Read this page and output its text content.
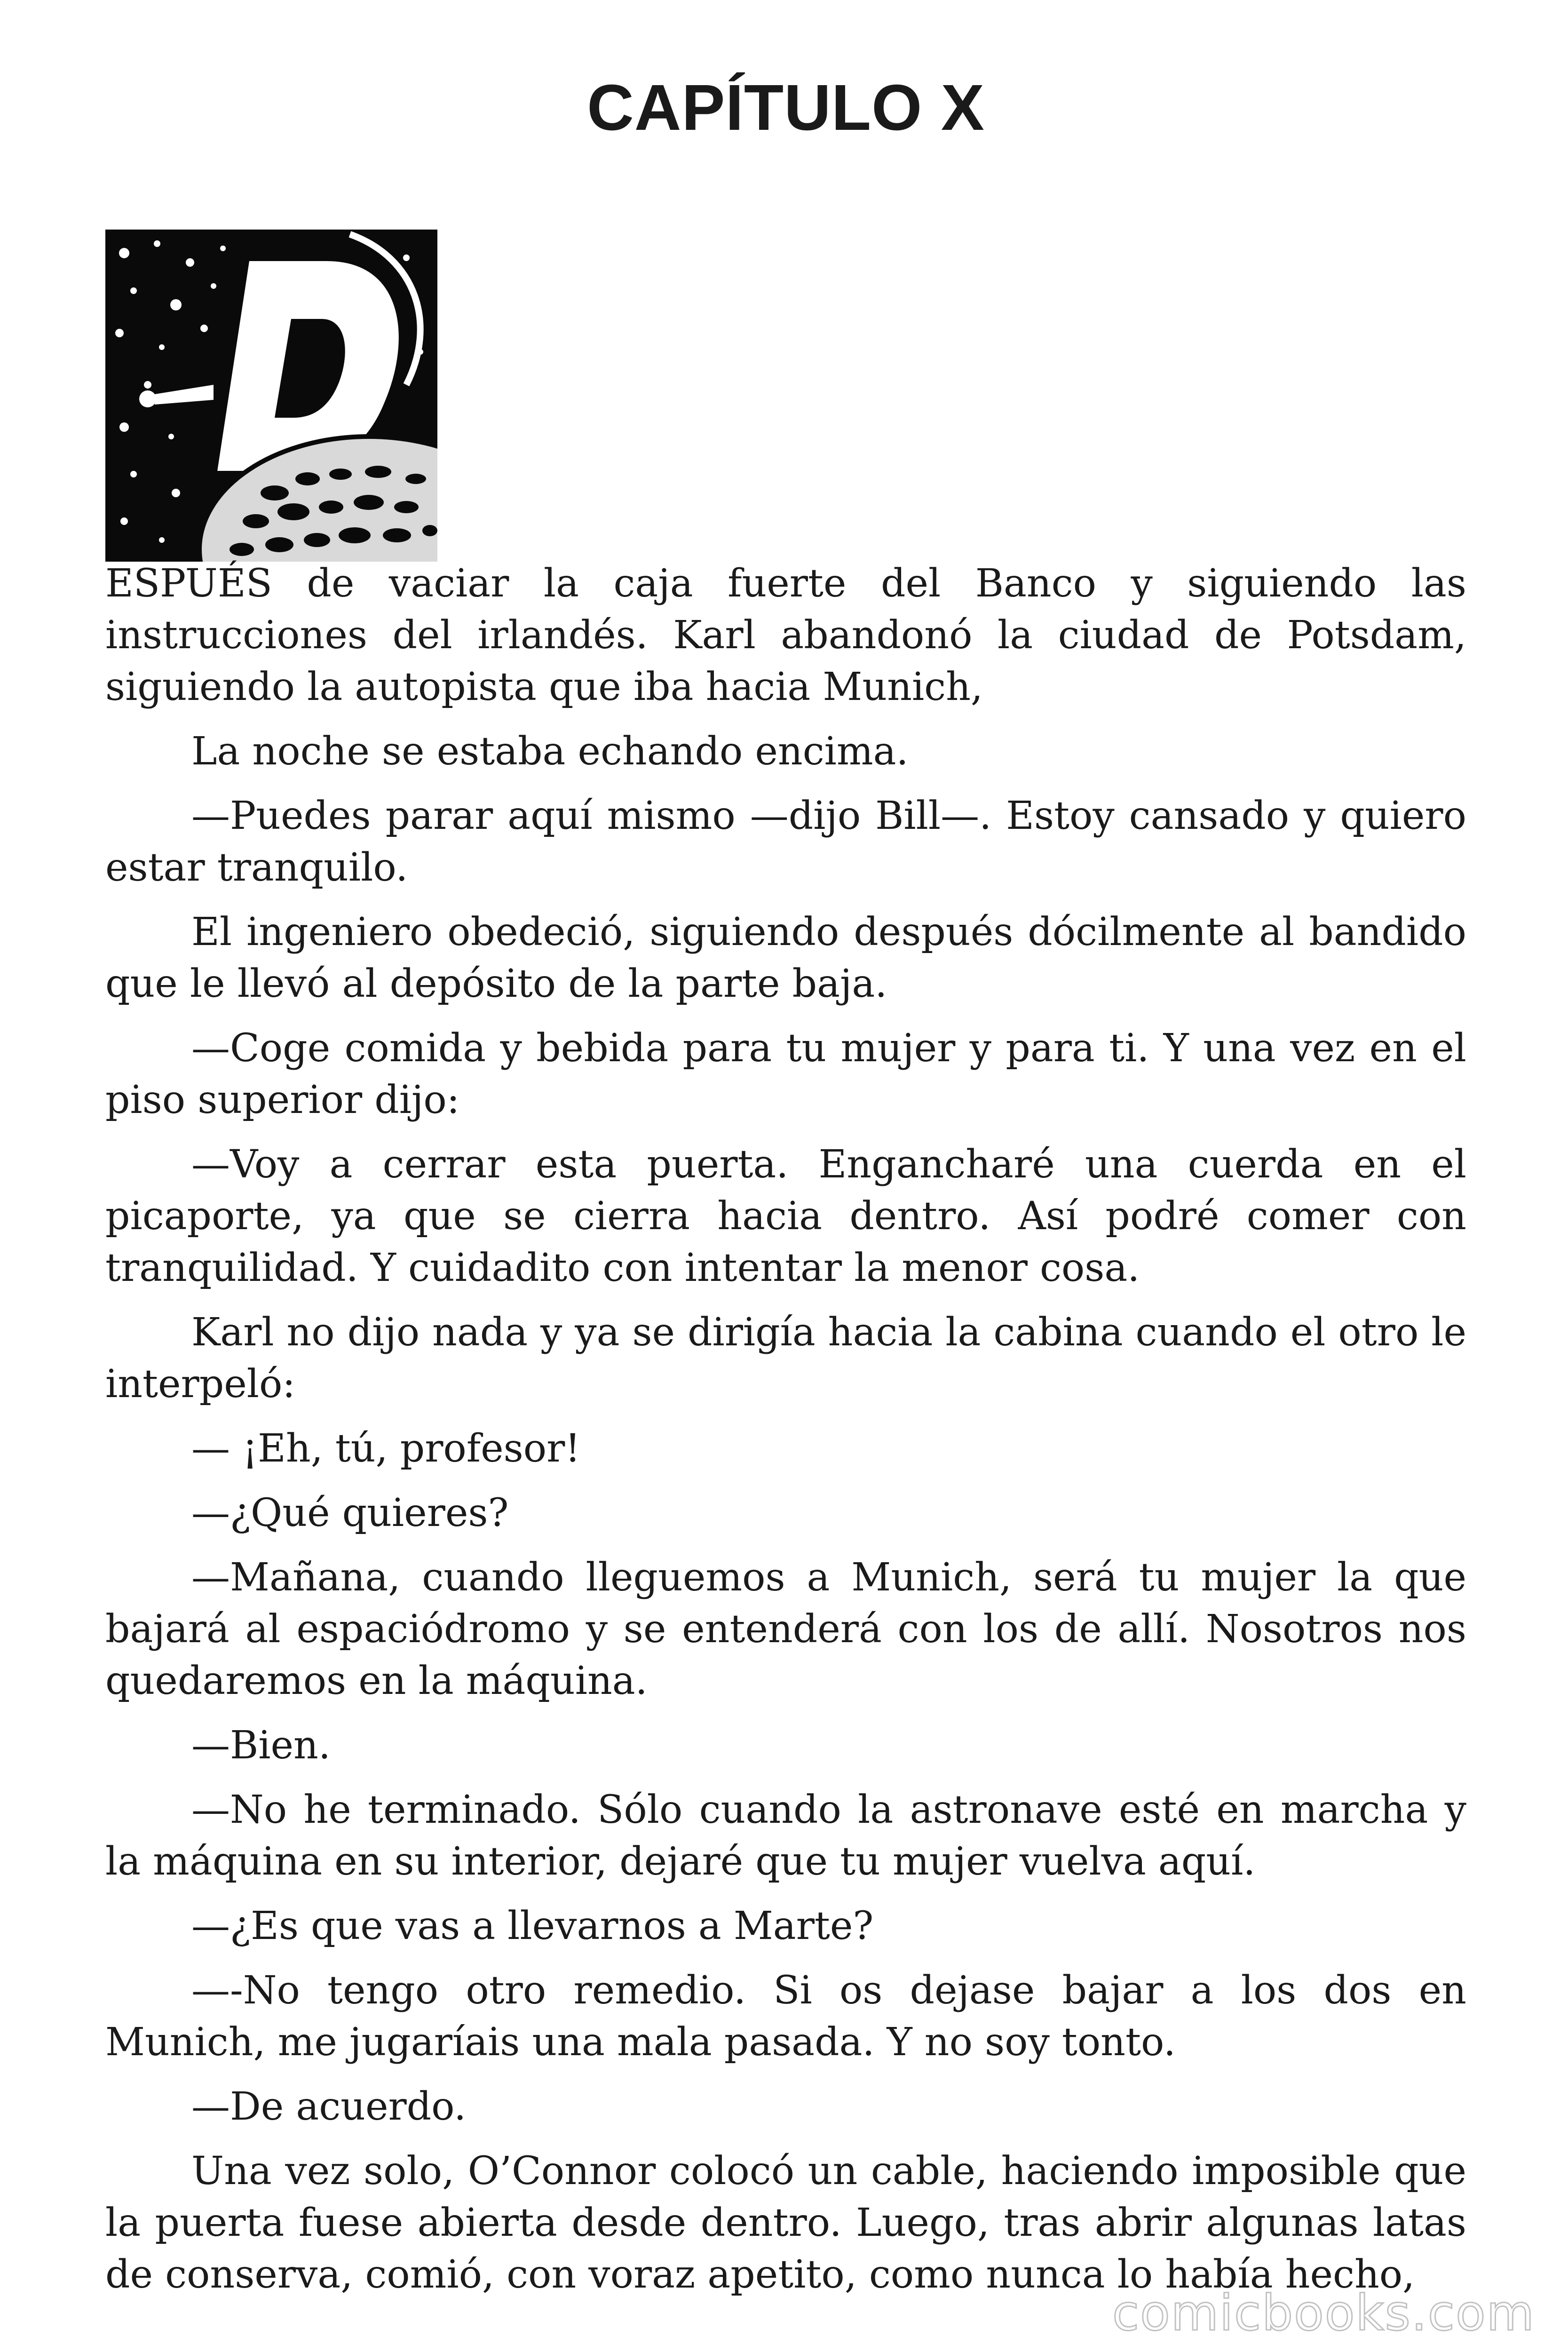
CAPÍTULO X

ESPUÉS de vaciar la caja fuerte del Banco y siguiendo las instrucciones del irlandés. Karl abandonó la ciudad de Potsdam, siguiendo la autopista que iba hacia Munich,

La noche se estaba echando encima.

—Puedes parar aquí mismo —dijo Bill—. Estoy cansado y quiero estar tranquilo.

El ingeniero obedeció, siguiendo después dócilmente al bandido que le llevó al depósito de la parte baja.

—Coge comida y bebida para tu mujer y para ti. Y una vez en el piso superior dijo:

—Voy a cerrar esta puerta. Engancharé una cuerda en el picaporte, ya que se cierra hacia dentro. Así podré comer con tranquilidad. Y cuidadito con intentar la menor cosa.

Karl no dijo nada y ya se dirigía hacia la cabina cuando el otro le interpeló:

— ¡Eh, tú, profesor!

—¿Qué quieres?

—Mañana, cuando lleguemos a Munich, será tu mujer la que bajará al espaciódromo y se entenderá con los de allí. Nosotros nos quedaremos en la máquina.

—Bien.

—No he terminado. Sólo cuando la astronave esté en marcha y la máquina en su interior, dejaré que tu mujer vuelva aquí.

—¿Es que vas a llevarnos a Marte?

—-No tengo otro remedio. Si os dejase bajar a los dos en Munich, me jugaríais una mala pasada. Y no soy tonto.

—De acuerdo.

Una vez solo, O’Connor colocó un cable, haciendo imposible que la puerta fuese abierta desde dentro. Luego, tras abrir algunas latas de conserva, comió, con voraz apetito, como nunca lo había hecho,

comicbooks.com
